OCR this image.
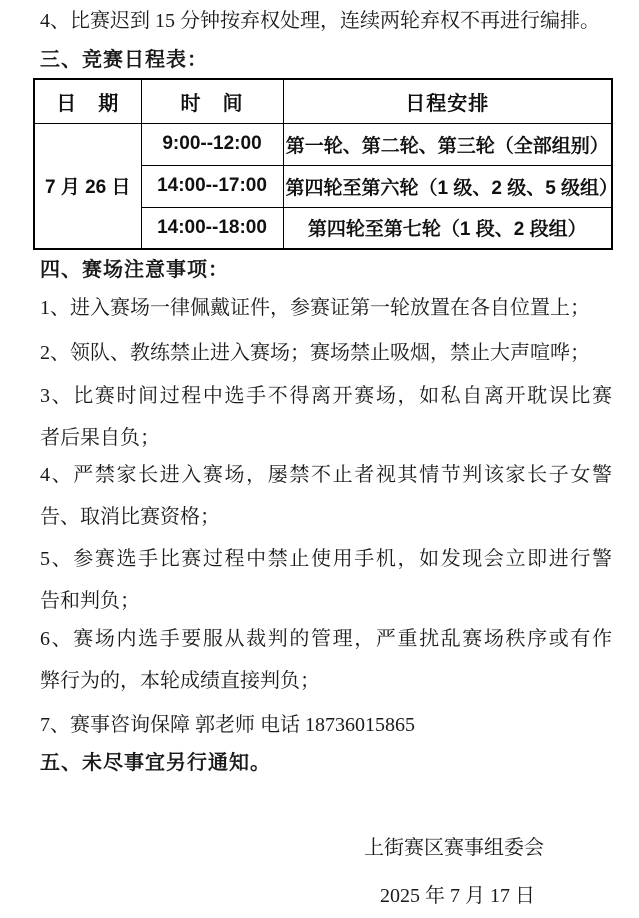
4、比赛迟到 15 分钟按弃权处理，连续两轮弃权不再进行编排。
三、竞赛日程表：
日　期	时　间	日程安排
7 月 26 日	9:00--12:00	第一轮、第二轮、第三轮（全部组别）
	14:00--17:00	第四轮至第六轮（1 级、2 级、5 级组）
	14:00--18:00	第四轮至第七轮（1 段、2 段组）
四、赛场注意事项：
1、进入赛场一律佩戴证件，参赛证第一轮放置在各自位置上；
2、领队、教练禁止进入赛场；赛场禁止吸烟，禁止大声喧哗；
3、比赛时间过程中选手不得离开赛场，如私自离开耽误比赛
者后果自负；
4、严禁家长进入赛场，屡禁不止者视其情节判该家长子女警
告、取消比赛资格；
5、参赛选手比赛过程中禁止使用手机，如发现会立即进行警
告和判负；
6、赛场内选手要服从裁判的管理，严重扰乱赛场秩序或有作
弊行为的，本轮成绩直接判负；
7、赛事咨询保障 郭老师 电话 18736015865
五、未尽事宜另行通知。
上街赛区赛事组委会
2025 年 7 月 17 日
